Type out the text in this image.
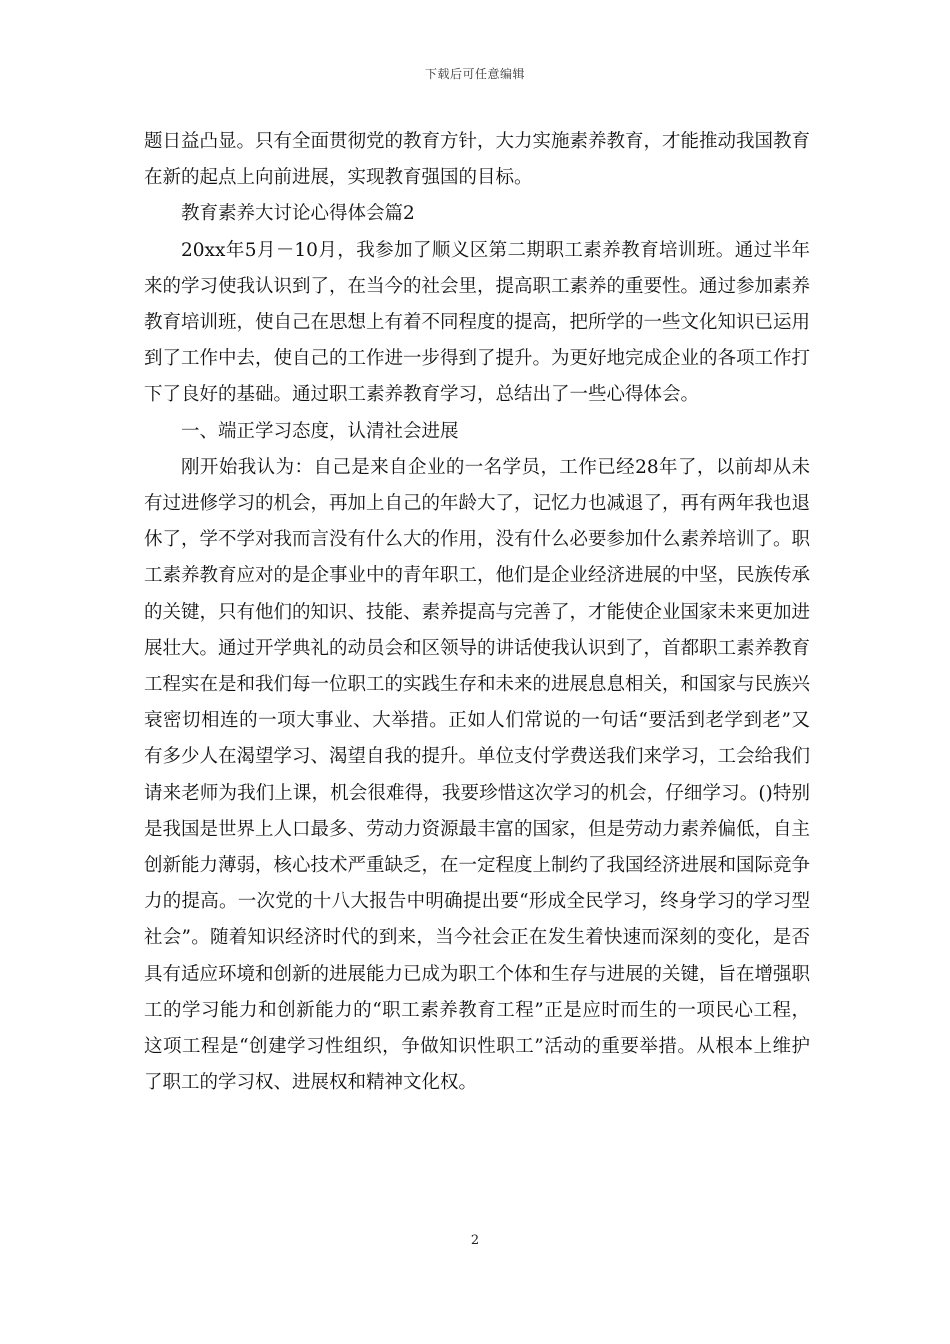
下载后可任意编辑

题日益凸显。只有全面贯彻党的教育方针，大力实施素养教育，才能推动我国教育在新的起点上向前进展，实现教育强国的目标。

教育素养大讨论心得体会篇2

20xx年5月－10月，我参加了顺义区第二期职工素养教育培训班。通过半年来的学习使我认识到了，在当今的社会里，提高职工素养的重要性。通过参加素养教育培训班，使自己在思想上有着不同程度的提高，把所学的一些文化知识已运用到了工作中去，使自己的工作进一步得到了提升。为更好地完成企业的各项工作打下了良好的基础。通过职工素养教育学习，总结出了一些心得体会。

一、端正学习态度，认清社会进展

刚开始我认为：自己是来自企业的一名学员，工作已经28年了，以前却从未有过进修学习的机会，再加上自己的年龄大了，记忆力也减退了，再有两年我也退休了，学不学对我而言没有什么大的作用，没有什么必要参加什么素养培训了。职工素养教育应对的是企事业中的青年职工，他们是企业经济进展的中坚，民族传承的关键，只有他们的知识、技能、素养提高与完善了，才能使企业国家未来更加进展壮大。通过开学典礼的动员会和区领导的讲话使我认识到了，首都职工素养教育工程实在是和我们每一位职工的实践生存和未来的进展息息相关，和国家与民族兴衰密切相连的一项大事业、大举措。正如人们常说的一句话“要活到老学到老”又有多少人在渴望学习、渴望自我的提升。单位支付学费送我们来学习，工会给我们请来老师为我们上课，机会很难得，我要珍惜这次学习的机会，仔细学习。()特别是我国是世界上人口最多、劳动力资源最丰富的国家，但是劳动力素养偏低，自主创新能力薄弱，核心技术严重缺乏，在一定程度上制约了我国经济进展和国际竞争力的提高。一次党的十八大报告中明确提出要“形成全民学习，终身学习的学习型社会”。随着知识经济时代的到来，当今社会正在发生着快速而深刻的变化，是否具有适应环境和创新的进展能力已成为职工个体和生存与进展的关键，旨在增强职工的学习能力和创新能力的“职工素养教育工程”正是应时而生的一项民心工程，这项工程是“创建学习性组织，争做知识性职工”活动的重要举措。从根本上维护了职工的学习权、进展权和精神文化权。

2
